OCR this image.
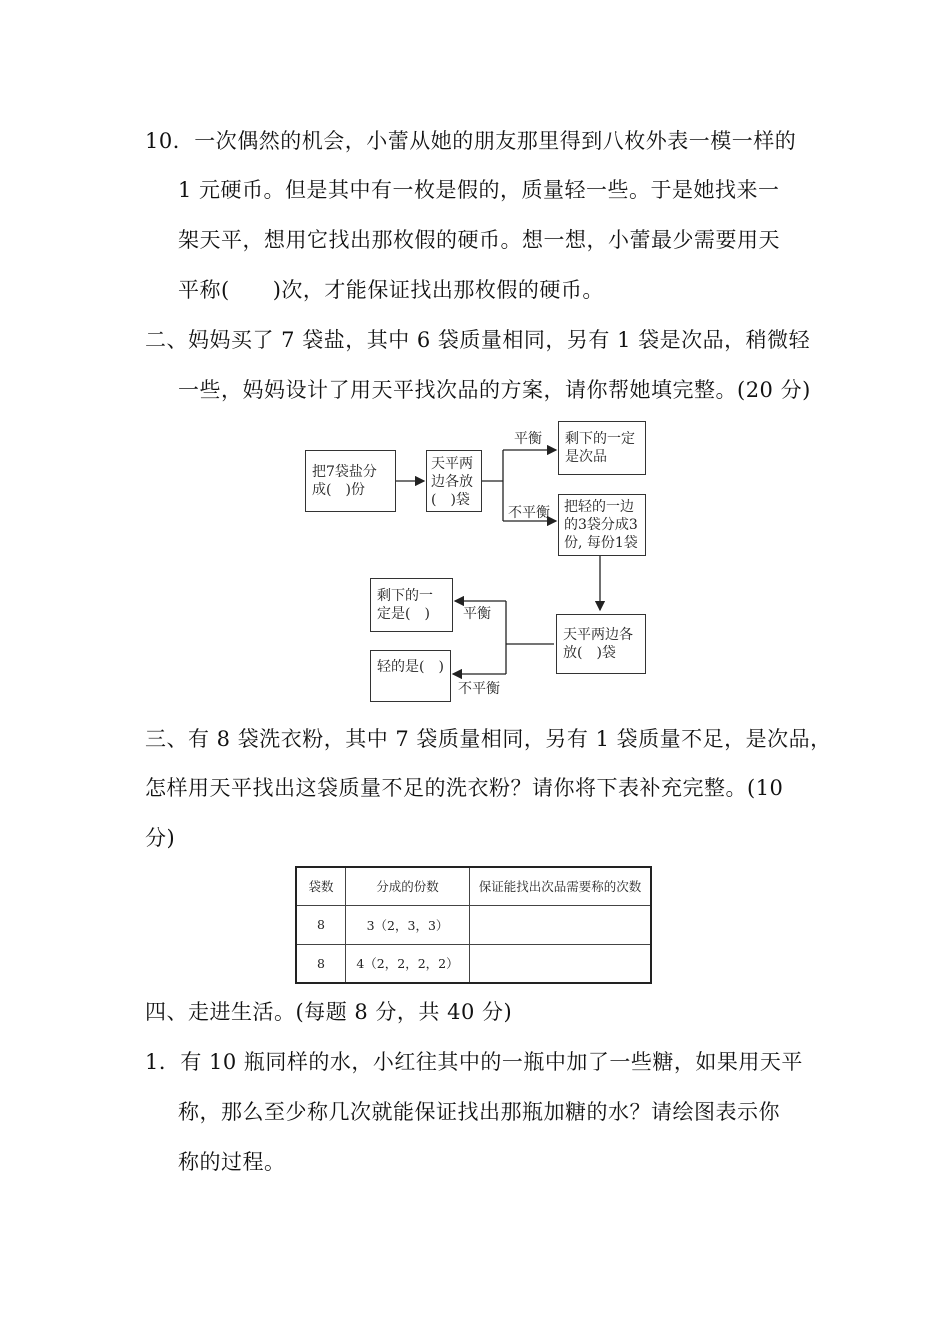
10．一次偶然的机会，小蕾从她的朋友那里得到八枚外表一模一样的
1 元硬币。但是其中有一枚是假的，质量轻一些。于是她找来一
架天平，想用它找出那枚假的硬币。想一想，小蕾最少需要用天
平称(　　)次，才能保证找出那枚假的硬币。
二、妈妈买了 7 袋盐，其中 6 袋质量相同，另有 1 袋是次品，稍微轻
一些，妈妈设计了用天平找次品的方案，请你帮她填完整。(20 分)
把7袋盐分成(　)份
天平两边各放(　)袋
剩下的一定是次品
把轻的一边的3袋分成3份, 每份1袋
天平两边各放(　)袋
剩下的一定是(　)
轻的是(　)
平衡
不平衡
平衡
不平衡
三、有 8 袋洗衣粉，其中 7 袋质量相同，另有 1 袋质量不足，是次品，
怎样用天平找出这袋质量不足的洗衣粉？请你将下表补充完整。(10
分)
袋数	分成的份数	保证能找出次品需要称的次数
8	3（2，3，3）	
8	4（2，2，2，2）	
四、走进生活。(每题 8 分，共 40 分)
1．有 10 瓶同样的水，小红往其中的一瓶中加了一些糖，如果用天平
称，那么至少称几次就能保证找出那瓶加糖的水？请绘图表示你
称的过程。
